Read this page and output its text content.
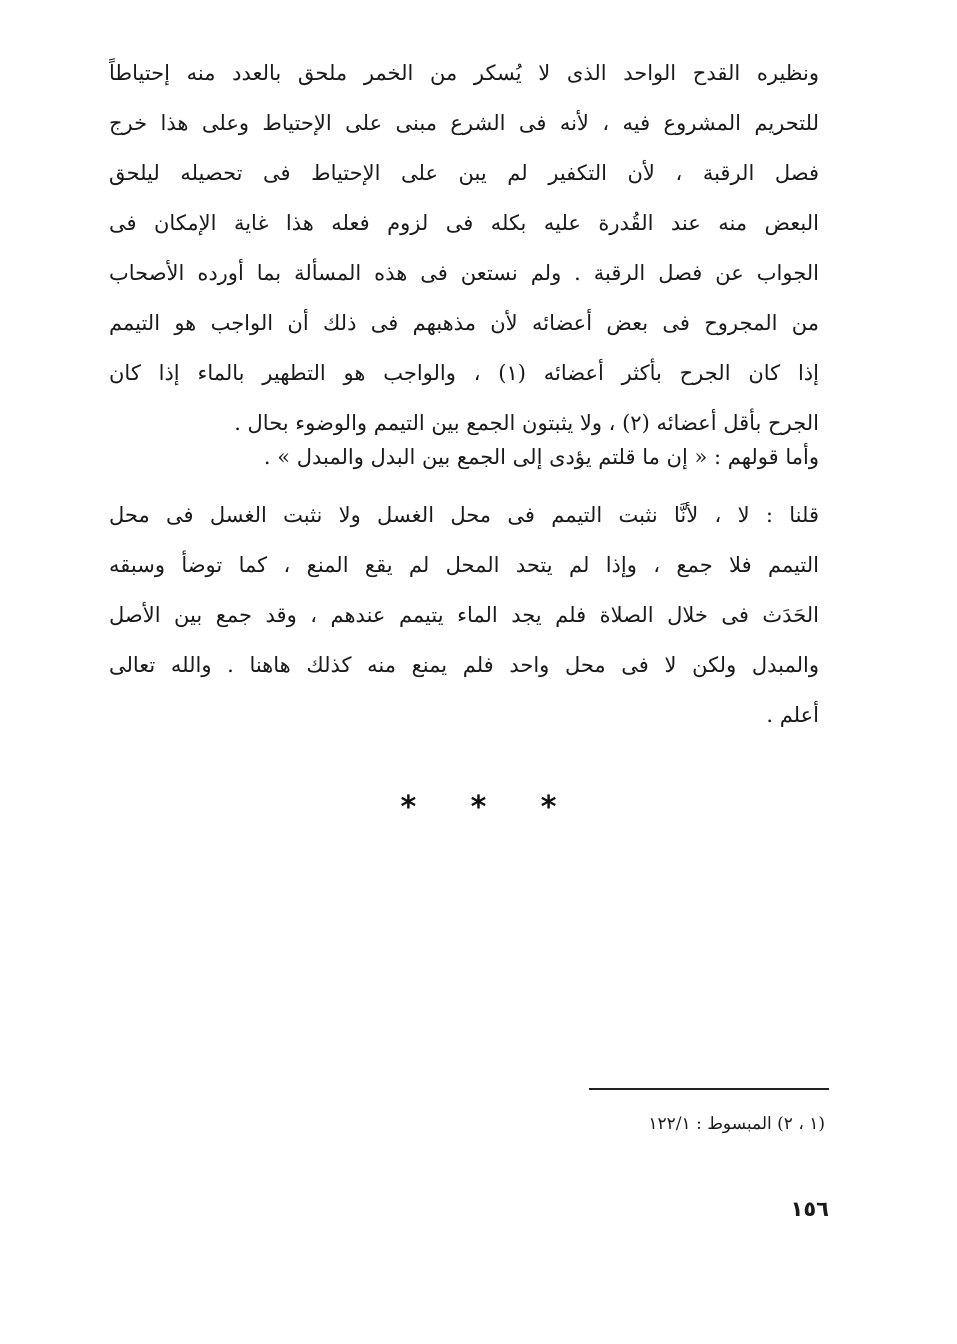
ونظيره القدح الواحد الذى لا يُسكر من الخمر ملحق بالعدد منه إحتياطاً
للتحريم المشروع فيه ، لأنه فى الشرع مبنى على الإحتياط وعلى هذا خرج
فصل الرقبة ، لأن التكفير لم يبن على الإحتياط فى تحصيله ليلحق
البعض منه عند القُدرة عليه بكله فى لزوم فعله هذا غاية الإمكان فى
الجواب عن فصل الرقبة . ولم نستعن فى هذه المسألة بما أورده الأصحاب
من المجروح فى بعض أعضائه لأن مذهبهم فى ذلك أن الواجب هو التيمم
إذا كان الجرح بأكثر أعضائه (١) ، والواجب هو التطهير بالماء إذا كان
الجرح بأقل أعضائه (٢) ، ولا يثبتون الجمع بين التيمم والوضوء بحال .
وأما قولهم : « إن ما قلتم يؤدى إلى الجمع بين البدل والمبدل » .
قلنا : لا ، لأنَّا نثبت التيمم فى محل الغسل ولا نثبت الغسل فى محل
التيمم فلا جمع ، وإذا لم يتحد المحل لم يقع المنع ، كما توضأ وسبقه
الحَدَث فى خلال الصلاة فلم يجد الماء يتيمم عندهم ، وقد جمع بين الأصل
والمبدل ولكن لا فى محل واحد فلم يمنع منه كذلك هاهنا . والله تعالى
أعلم .
* * *
(١ ، ٢) المبسوط : ١٢٢/١
١٥٦
